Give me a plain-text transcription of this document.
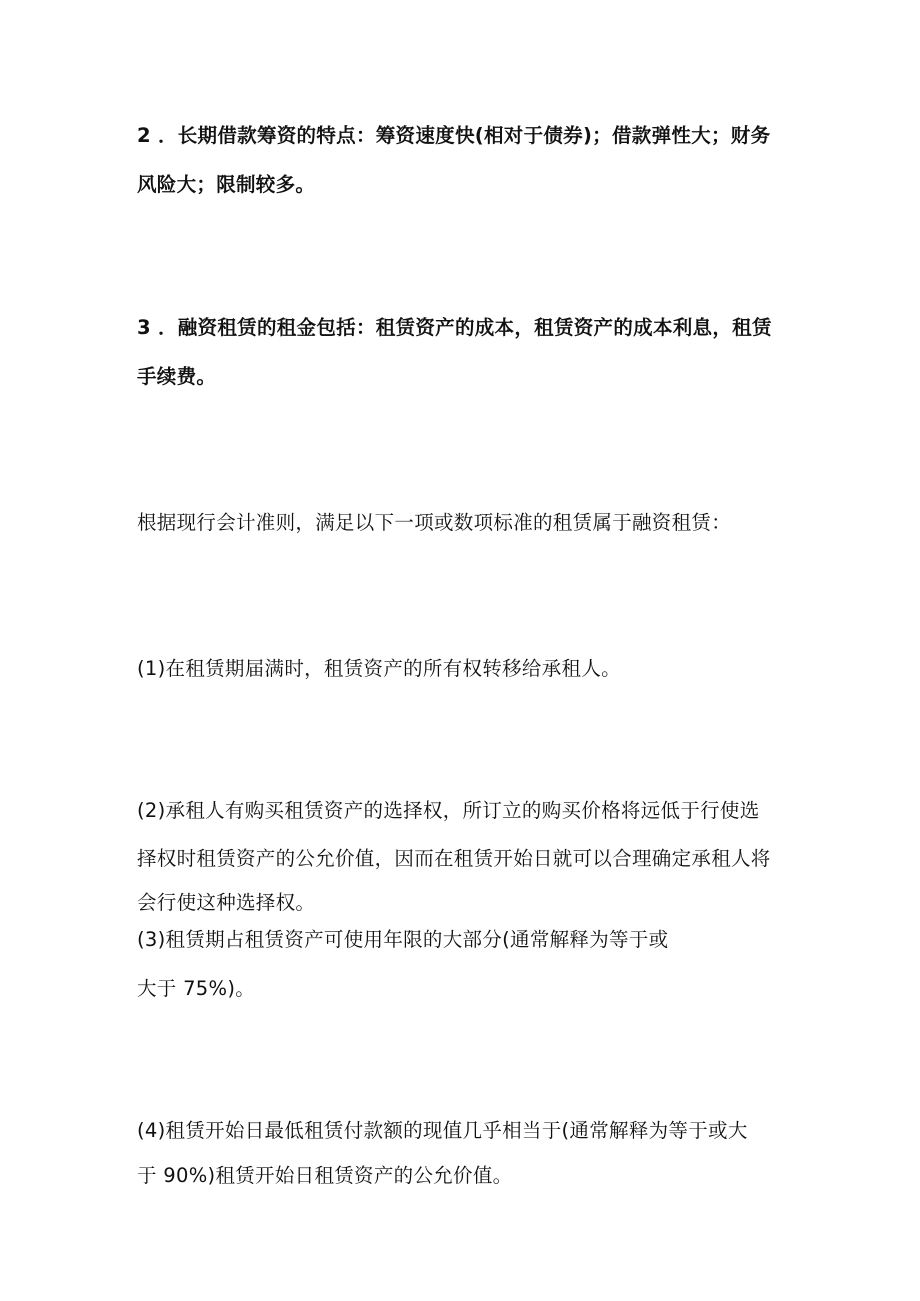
2 ．长期借款筹资的特点：筹资速度快(相对于债券)；借款弹性大；财务
风险大；限制较多。
3 ．融资租赁的租金包括：租赁资产的成本，租赁资产的成本利息，租赁
手续费。
根据现行会计准则，满足以下一项或数项标准的租赁属于融资租赁：
(1)在租赁期届满时，租赁资产的所有权转移给承租人。
(2)承租人有购买租赁资产的选择权，所订立的购买价格将远低于行使选
择权时租赁资产的公允价值，因而在租赁开始日就可以合理确定承租人将
会行使这种选择权。
(3)租赁期占租赁资产可使用年限的大部分(通常解释为等于或
大于 75%)。
(4)租赁开始日最低租赁付款额的现值几乎相当于(通常解释为等于或大
于 90%)租赁开始日租赁资产的公允价值。
